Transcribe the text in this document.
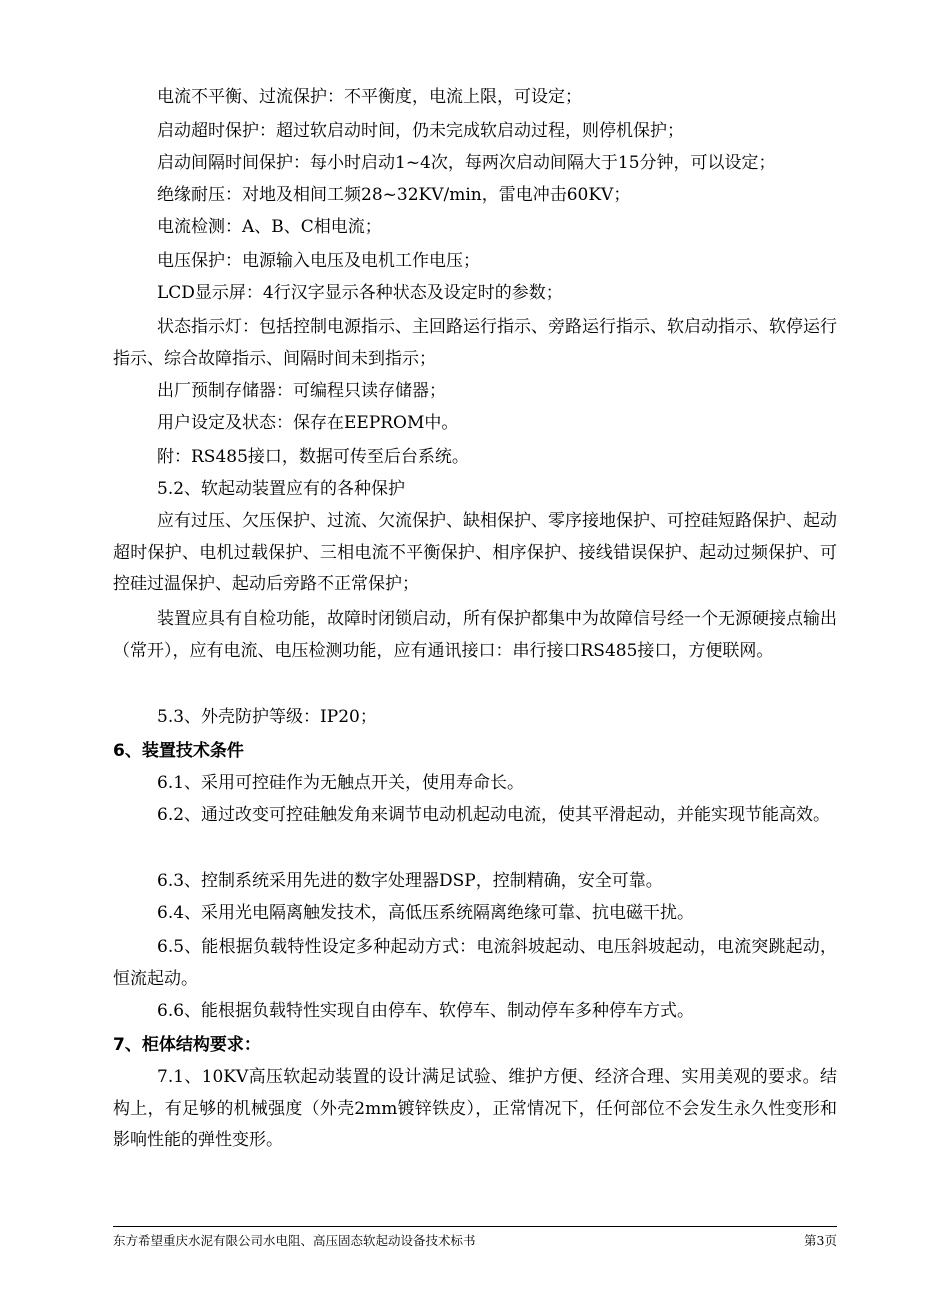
电流不平衡、过流保护：不平衡度，电流上限，可设定；

启动超时保护：超过软启动时间，仍未完成软启动过程，则停机保护；

启动间隔时间保护：每小时启动1~4次，每两次启动间隔大于15分钟，可以设定；

绝缘耐压：对地及相间工频28~32KV/min，雷电冲击60KV；

电流检测：A、B、C相电流；

电压保护：电源输入电压及电机工作电压；

LCD显示屏：4行汉字显示各种状态及设定时的参数；

状态指示灯：包括控制电源指示、主回路运行指示、旁路运行指示、软启动指示、软停运行指示、综合故障指示、间隔时间未到指示；

出厂预制存储器：可编程只读存储器；

用户设定及状态：保存在EEPROM中。

附：RS485接口，数据可传至后台系统。

5.2、软起动装置应有的各种保护

应有过压、欠压保护、过流、欠流保护、缺相保护、零序接地保护、可控硅短路保护、起动超时保护、电机过载保护、三相电流不平衡保护、相序保护、接线错误保护、起动过频保护、可控硅过温保护、起动后旁路不正常保护；

装置应具有自检功能，故障时闭锁启动，所有保护都集中为故障信号经一个无源硬接点输出（常开），应有电流、电压检测功能，应有通讯接口：串行接口RS485接口，方便联网。

5.3、外壳防护等级：IP20；

6、装置技术条件

6.1、采用可控硅作为无触点开关，使用寿命长。

6.2、通过改变可控硅触发角来调节电动机起动电流，使其平滑起动，并能实现节能高效。

6.3、控制系统采用先进的数字处理器DSP，控制精确，安全可靠。

6.4、采用光电隔离触发技术，高低压系统隔离绝缘可靠、抗电磁干扰。

6.5、能根据负载特性设定多种起动方式：电流斜坡起动、电压斜坡起动，电流突跳起动，恒流起动。

6.6、能根据负载特性实现自由停车、软停车、制动停车多种停车方式。

7、柜体结构要求：

7.1、10KV高压软起动装置的设计满足试验、维护方便、经济合理、实用美观的要求。结构上，有足够的机械强度（外壳2mm镀锌铁皮），正常情况下，任何部位不会发生永久性变形和影响性能的弹性变形。

东方希望重庆水泥有限公司水电阻、高压固态软起动设备技术标书	第3页
